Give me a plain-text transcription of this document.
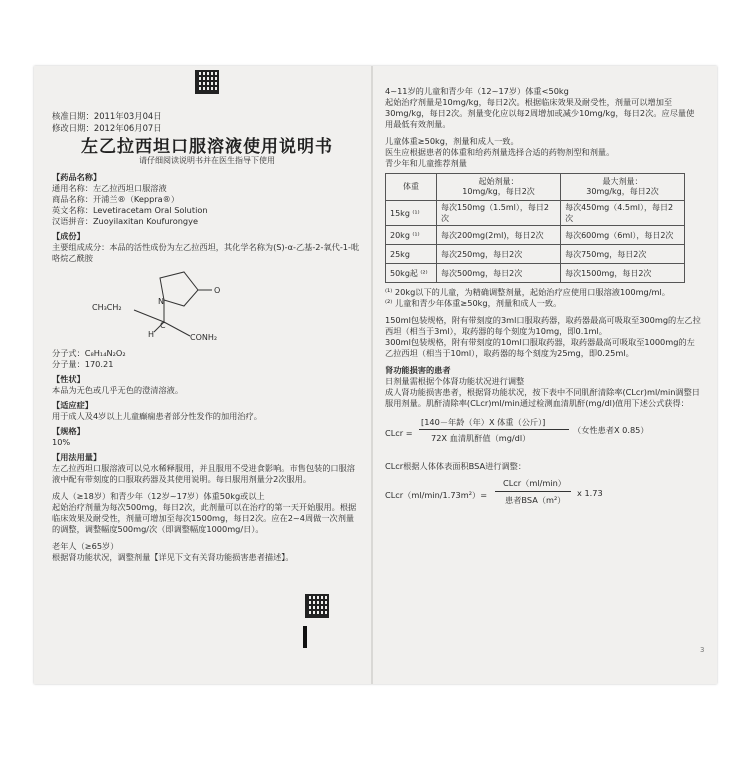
3
核准日期：2011年03月04日
修改日期：2012年06月07日
左乙拉西坦口服溶液使用说明书
请仔细阅读说明书并在医生指导下使用
【药品名称】

通用名称：左乙拉西坦口服溶液

商品名称：开浦兰®（Keppra®）

英文名称：Levetiracetam Oral Solution

汉语拼音：Zuoyilaxitan Koufurongye

【成份】

主要组成成分：本品的活性成份为左乙拉西坦，其化学名称为(S)-α-乙基-2-氧代-1-吡咯烷乙酰胺

CH₃CH₂
N
O
H
C
CONH₂

分子式：C₈H₁₄N₂O₂

分子量：170.21

【性状】

本品为无色或几乎无色的澄清溶液。

【适应症】

用于成人及4岁以上儿童癫痫患者部分性发作的加用治疗。

【规格】

10%

【用法用量】

左乙拉西坦口服溶液可以兑水稀释服用，并且服用不受进食影响。市售包装的口服溶液中配有带刻度的口服取药器及其使用说明。每日服用剂量分2次服用。

成人（≥18岁）和青少年（12岁~17岁）体重50kg或以上

起始治疗剂量为每次500mg，每日2次，此剂量可以在治疗的第一天开始服用。根据临床效果及耐受性，剂量可增加至每次1500mg，每日2次。应在2~4周做一次剂量的调整，调整幅度500mg/次（即调整幅度1000mg/日）。

老年人（≥65岁）

根据肾功能状况，调整剂量【详见下文有关肾功能损害患者描述】。

4~11岁的儿童和青少年（12~17岁）体重<50kg

起始治疗剂量是10mg/kg，每日2次。根据临床效果及耐受性，剂量可以增加至30mg/kg，每日2次。剂量变化应以每2周增加或减少10mg/kg，每日2次。应尽量使用最低有效剂量。

儿童体重≥50kg，剂量和成人一致。

医生应根据患者的体重和给药剂量选择合适的药物剂型和剂量。

青少年和儿童推荐剂量

体重	起始剂量：
10mg/kg，每日2次	最大剂量：
30mg/kg，每日2次
15kg ⁽¹⁾	每次150mg（1.5ml），每日2次	每次450mg（4.5ml），每日2次
20kg ⁽¹⁾	每次200mg(2ml)，每日2次	每次600mg（6ml），每日2次
25kg	每次250mg，每日2次	每次750mg，每日2次
50kg起 ⁽²⁾	每次500mg，每日2次	每次1500mg，每日2次

⁽¹⁾ 20kg以下的儿童，为精确调整剂量，起始治疗应使用口服溶液100mg/ml。

⁽²⁾ 儿童和青少年体重≥50kg，剂量和成人一致。

150ml包装规格，附有带刻度的3ml口服取药器，取药器最高可吸取至300mg的左乙拉西坦（相当于3ml），取药器的每个刻度为10mg，即0.1ml。

300ml包装规格，附有带刻度的10ml口服取药器，取药器最高可吸取至1000mg的左乙拉西坦（相当于10ml），取药器的每个刻度为25mg，即0.25ml。

肾功能损害的患者

日剂量需根据个体肾功能状况进行调整

成人肾功能损害患者，根据肾功能状况，按下表中不同肌酐清除率(CLcr)ml/min调整日服用剂量。肌酐清除率(CLcr)ml/min通过检测血清肌酐(mg/dl)值用下述公式获得：

CLcr =
[140－年龄（年）X 体重（公斤）]
72X 血清肌酐值（mg/dl）
（女性患者X 0.85）

CLcr根据人体体表面积BSA进行调整：

CLcr（ml/min/1.73m²）=
CLcr（ml/min）
患者BSA（m²）
x 1.73
